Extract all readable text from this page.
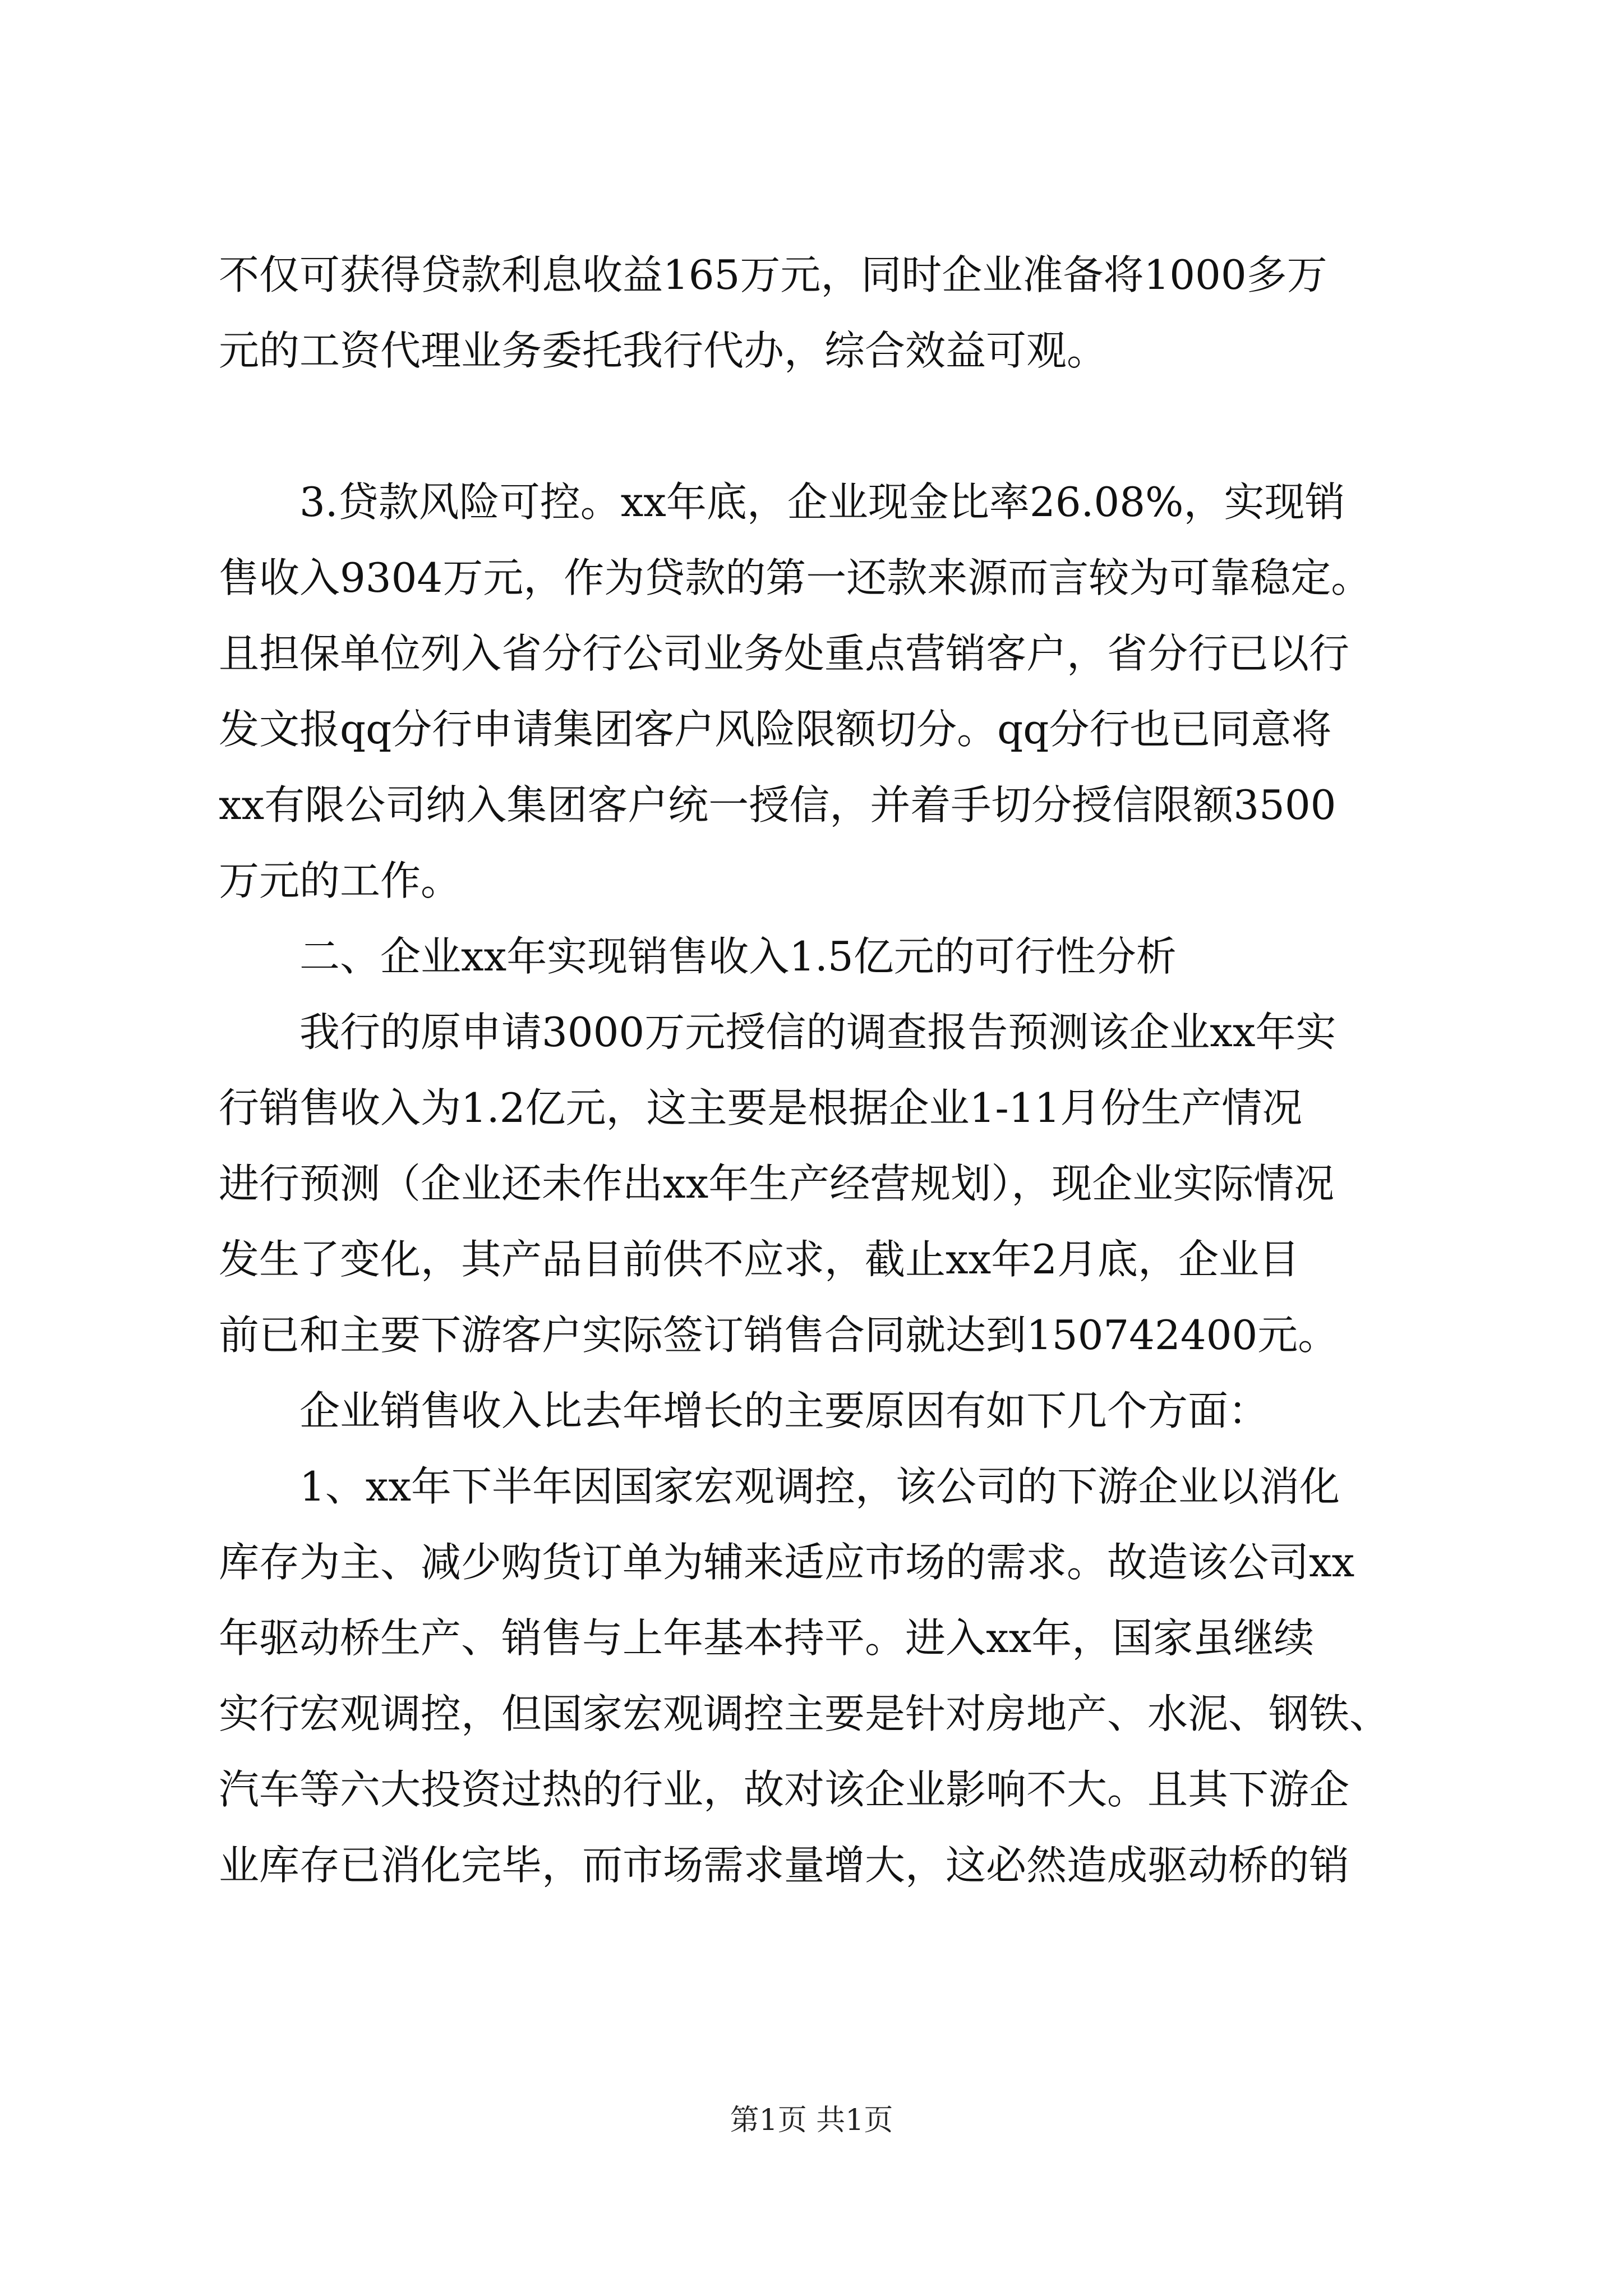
不仅可获得贷款利息收益165万元，同时企业准备将1000多万
元的工资代理业务委托我行代办，综合效益可观。
3.贷款风险可控。xx年底，企业现金比率26.08%，实现销
售收入9304万元，作为贷款的第一还款来源而言较为可靠稳定。
且担保单位列入省分行公司业务处重点营销客户，省分行已以行
发文报qq分行申请集团客户风险限额切分。qq分行也已同意将
xx有限公司纳入集团客户统一授信，并着手切分授信限额3500
万元的工作。
二、企业xx年实现销售收入1.5亿元的可行性分析
我行的原申请3000万元授信的调查报告预测该企业xx年实
行销售收入为1.2亿元，这主要是根据企业1-11月份生产情况
进行预测（企业还未作出xx年生产经营规划），现企业实际情况
发生了变化，其产品目前供不应求，截止xx年2月底，企业目
前已和主要下游客户实际签订销售合同就达到150742400元。
企业销售收入比去年增长的主要原因有如下几个方面：
1、xx年下半年因国家宏观调控，该公司的下游企业以消化
库存为主、减少购货订单为辅来适应市场的需求。故造该公司xx
年驱动桥生产、销售与上年基本持平。进入xx年，国家虽继续
实行宏观调控，但国家宏观调控主要是针对房地产、水泥、钢铁、
汽车等六大投资过热的行业，故对该企业影响不大。且其下游企
业库存已消化完毕，而市场需求量增大，这必然造成驱动桥的销
第1页 共1页
